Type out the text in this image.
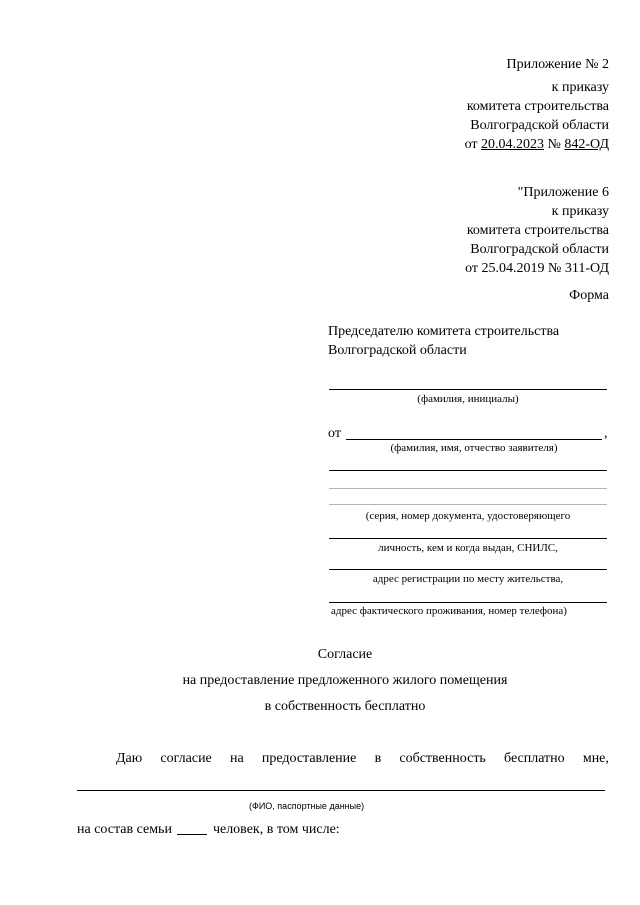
Приложение № 2
к приказу
комитета строительства
Волгоградской области
от 20.04.2023 № 842-ОД
"Приложение 6
к приказу
комитета строительства
Волгоградской области
от 25.04.2019 № 311-ОД
Форма
Председателю комитета строительства
Волгоградской области
(фамилия, инициалы)
от	,
(фамилия, имя, отчество заявителя)
(серия, номер документа, удостоверяющего
личность, кем и когда выдан, СНИЛС,
адрес регистрации по месту жительства,
адрес фактического проживания, номер телефона)
Согласие
на предоставление предложенного жилого помещения
в собственность бесплатно
Даю согласие на предоставление в собственность бесплатно мне,
(ФИО, паспортные данные)
на состав семьи	человек, в том числе:
